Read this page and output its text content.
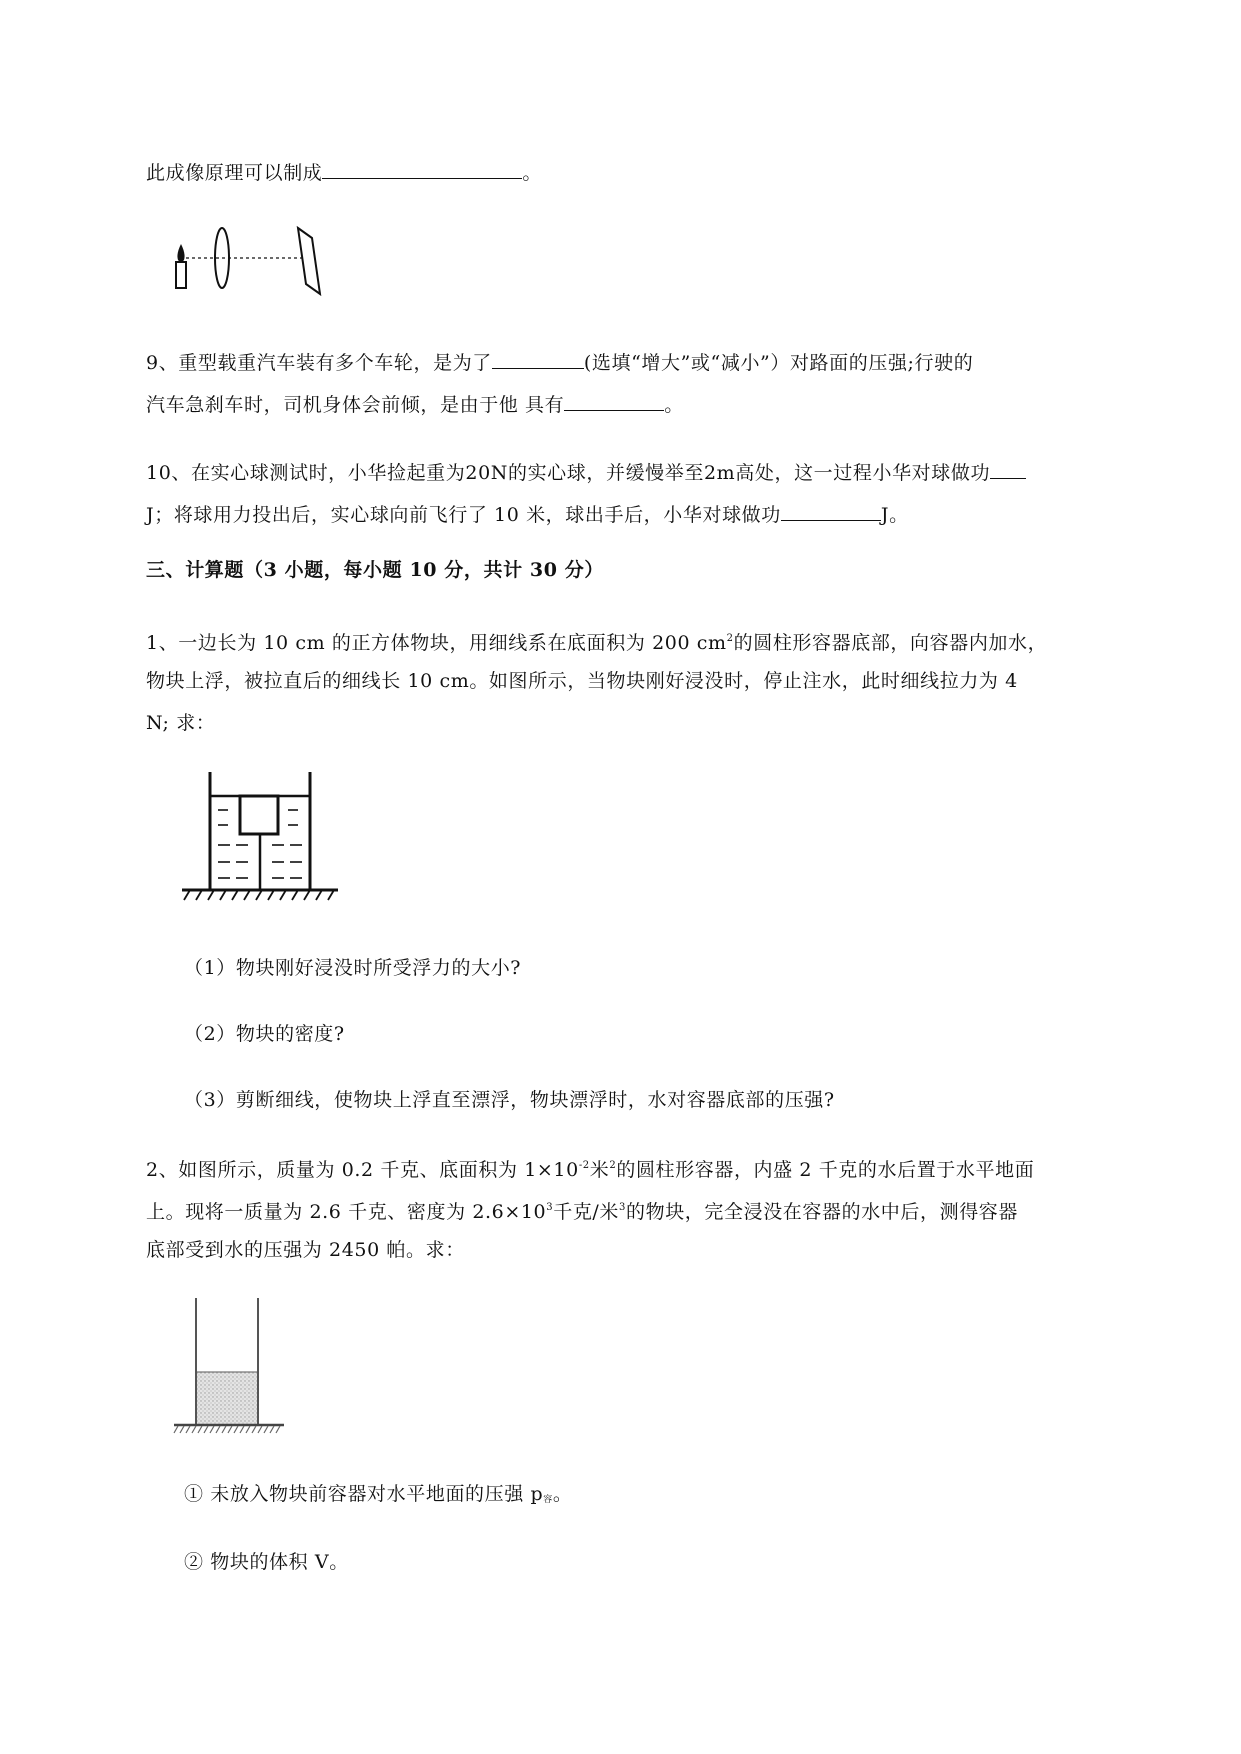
此成像原理可以制成	。
9、重型载重汽车装有多个车轮，是为了	(选填“增大”或“减小”）对路面的压强;行驶的
汽车急刹车时，司机身体会前倾，是由于他 具有	。
10、在实心球测试时，小华捡起重为20N的实心球，并缓慢举至2m高处，这一过程小华对球做功
J；将球用力投出后，实心球向前飞行了 10 米，球出手后，小华对球做功	J。
三、计算题（3 小题，每小题 10 分，共计 30 分）
1、一边长为 10 cm 的正方体物块，用细线系在底面积为 200 $cm^2$的圆柱形容器底部，向容器内加水，
物块上浮，被拉直后的细线长 10 cm。如图所示，当物块刚好浸没时，停止注水，此时细线拉力为 4
N; 求：
（1）物块刚好浸没时所受浮力的大小?
（2）物块的密度?
（3）剪断细线，使物块上浮直至漂浮，物块漂浮时，水对容器底部的压强?
2、如图所示，质量为 0.2 千克、底面积为 $1\times 10^{-2}$米$^2$的圆柱形容器，内盛 2 千克的水后置于水平地面
上。现将一质量为 2.6 千克、密度为 $2.6\times 10^3$千克/米$^3$的物块，完全浸没在容器的水中后，测得容器
底部受到水的压强为 2450 帕。求：
① 未放入物块前容器对水平地面的压强 $p_容$。
② 物块的体积 V。
